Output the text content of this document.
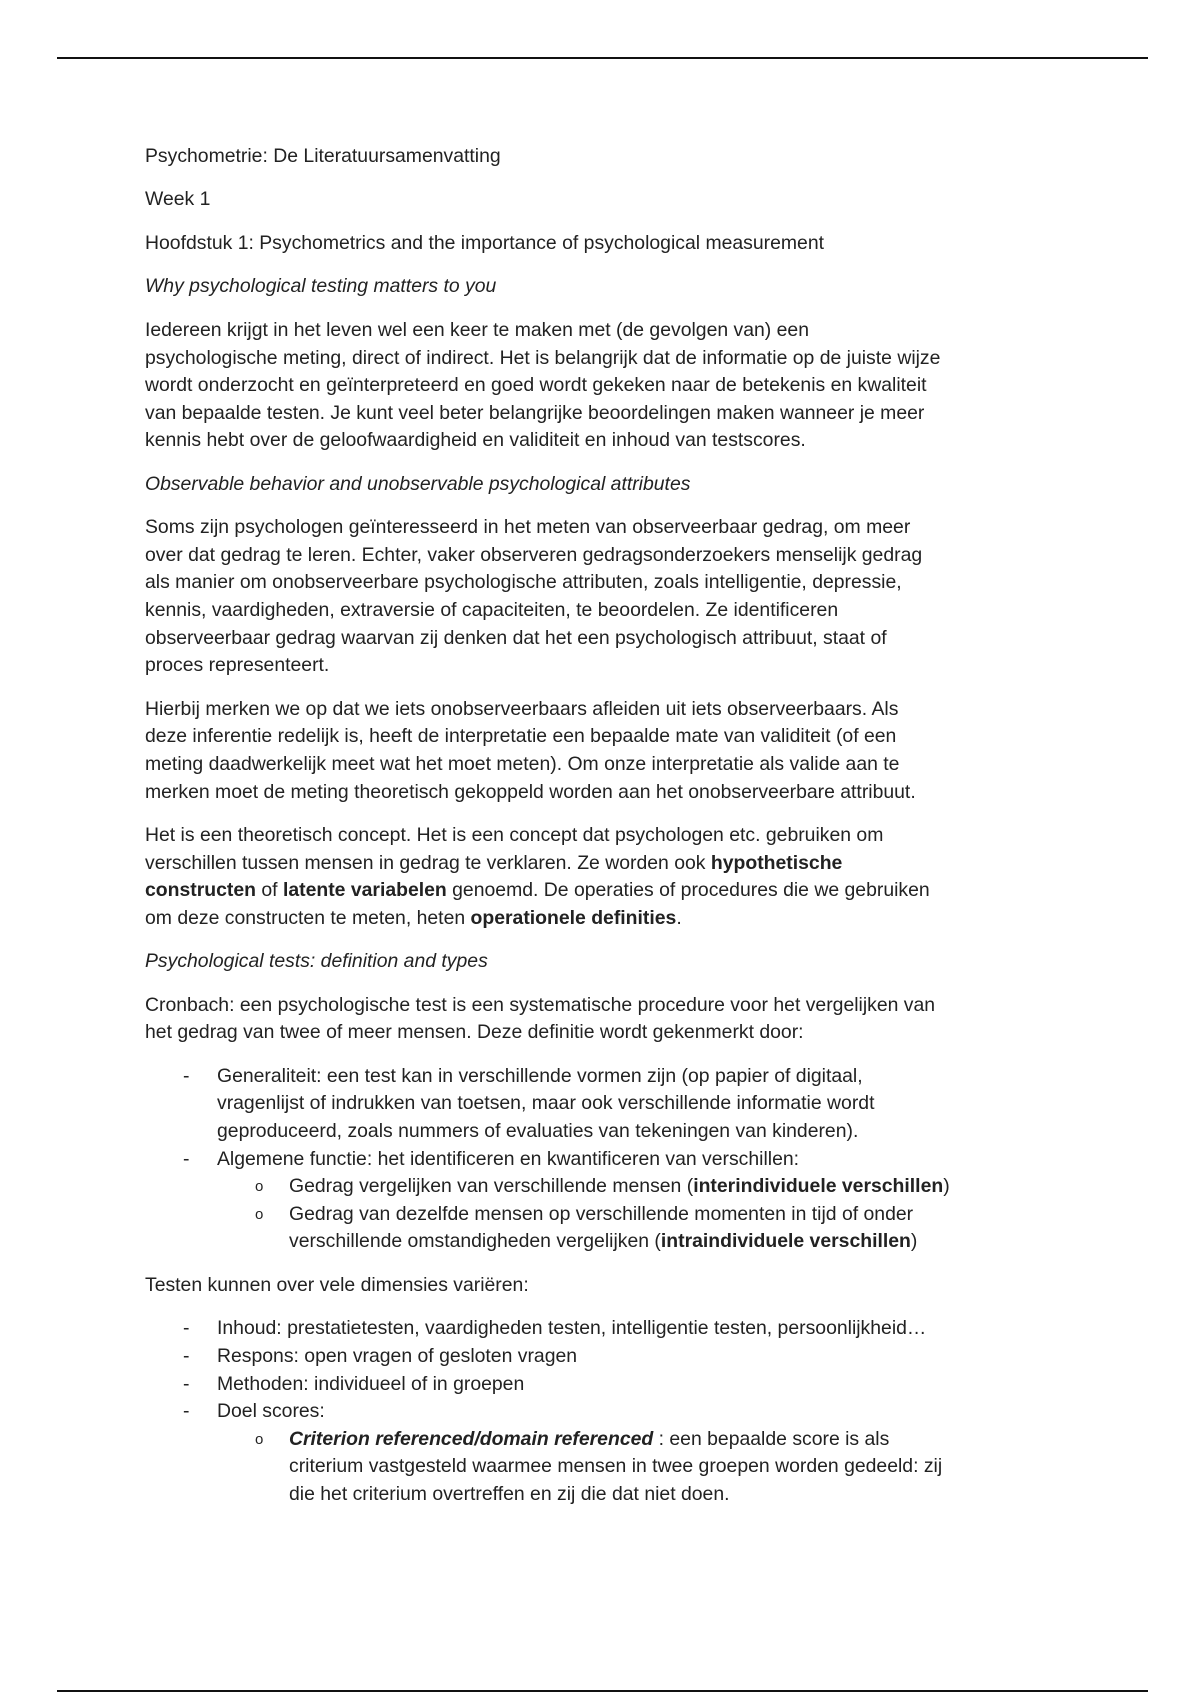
Psychometrie: De Literatuursamenvatting
Week 1
Hoofdstuk 1: Psychometrics and the importance of psychological measurement
Why psychological testing matters to you
Iedereen krijgt in het leven wel een keer te maken met (de gevolgen van) een
psychologische meting, direct of indirect. Het is belangrijk dat de informatie op de juiste wijze
wordt onderzocht en geïnterpreteerd en goed wordt gekeken naar de betekenis en kwaliteit
van bepaalde testen. Je kunt veel beter belangrijke beoordelingen maken wanneer je meer
kennis hebt over de geloofwaardigheid en validiteit en inhoud van testscores.
Observable behavior and unobservable psychological attributes
Soms zijn psychologen geïnteresseerd in het meten van observeerbaar gedrag, om meer
over dat gedrag te leren. Echter, vaker observeren gedragsonderzoekers menselijk gedrag
als manier om onobserveerbare psychologische attributen, zoals intelligentie, depressie,
kennis, vaardigheden, extraversie of capaciteiten, te beoordelen. Ze identificeren
observeerbaar gedrag waarvan zij denken dat het een psychologisch attribuut, staat of
proces representeert.
Hierbij merken we op dat we iets onobserveerbaars afleiden uit iets observeerbaars. Als
deze inferentie redelijk is, heeft de interpretatie een bepaalde mate van validiteit (of een
meting daadwerkelijk meet wat het moet meten). Om onze interpretatie als valide aan te
merken moet de meting theoretisch gekoppeld worden aan het onobserveerbare attribuut.
Het is een theoretisch concept. Het is een concept dat psychologen etc. gebruiken om
verschillen tussen mensen in gedrag te verklaren. Ze worden ook hypothetische
constructen of latente variabelen genoemd. De operaties of procedures die we gebruiken
om deze constructen te meten, heten operationele definities.
Psychological tests: definition and types
Cronbach: een psychologische test is een systematische procedure voor het vergelijken van
het gedrag van twee of meer mensen. Deze definitie wordt gekenmerkt door:
- Generaliteit: een test kan in verschillende vormen zijn (op papier of digitaal,
vragenlijst of indrukken van toetsen, maar ook verschillende informatie wordt
geproduceerd, zoals nummers of evaluaties van tekeningen van kinderen).
- Algemene functie: het identificeren en kwantificeren van verschillen:
o Gedrag vergelijken van verschillende mensen (interindividuele verschillen)
o Gedrag van dezelfde mensen op verschillende momenten in tijd of onder
verschillende omstandigheden vergelijken (intraindividuele verschillen)
Testen kunnen over vele dimensies variëren:
- Inhoud: prestatietesten, vaardigheden testen, intelligentie testen, persoonlijkheid…
- Respons: open vragen of gesloten vragen
- Methoden: individueel of in groepen
- Doel scores:
o Criterion referenced/domain referenced : een bepaalde score is als
criterium vastgesteld waarmee mensen in twee groepen worden gedeeld: zij
die het criterium overtreffen en zij die dat niet doen.
